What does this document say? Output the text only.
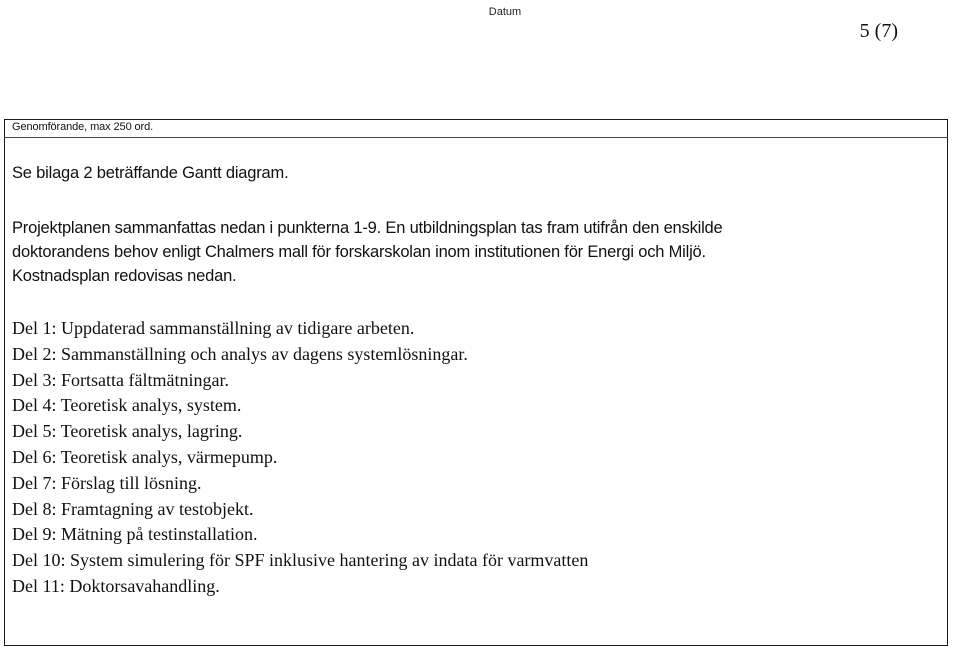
Datum
5 (7)
Genomförande, max 250 ord.
Se bilaga 2 beträffande Gantt diagram.
Projektplanen sammanfattas nedan i punkterna 1-9. En utbildningsplan tas fram utifrån den enskilde
doktorandens behov enligt Chalmers mall för forskarskolan inom institutionen för Energi och Miljö.
Kostnadsplan redovisas nedan.
Del 1: Uppdaterad sammanställning av tidigare arbeten.
Del 2: Sammanställning och analys av dagens systemlösningar.
Del 3: Fortsatta fältmätningar.
Del 4: Teoretisk analys, system.
Del 5: Teoretisk analys, lagring.
Del 6: Teoretisk analys, värmepump.
Del 7: Förslag till lösning.
Del 8: Framtagning av testobjekt.
Del 9: Mätning på testinstallation.
Del 10: System simulering för SPF inklusive hantering av indata för varmvatten
Del 11: Doktorsavahandling.
